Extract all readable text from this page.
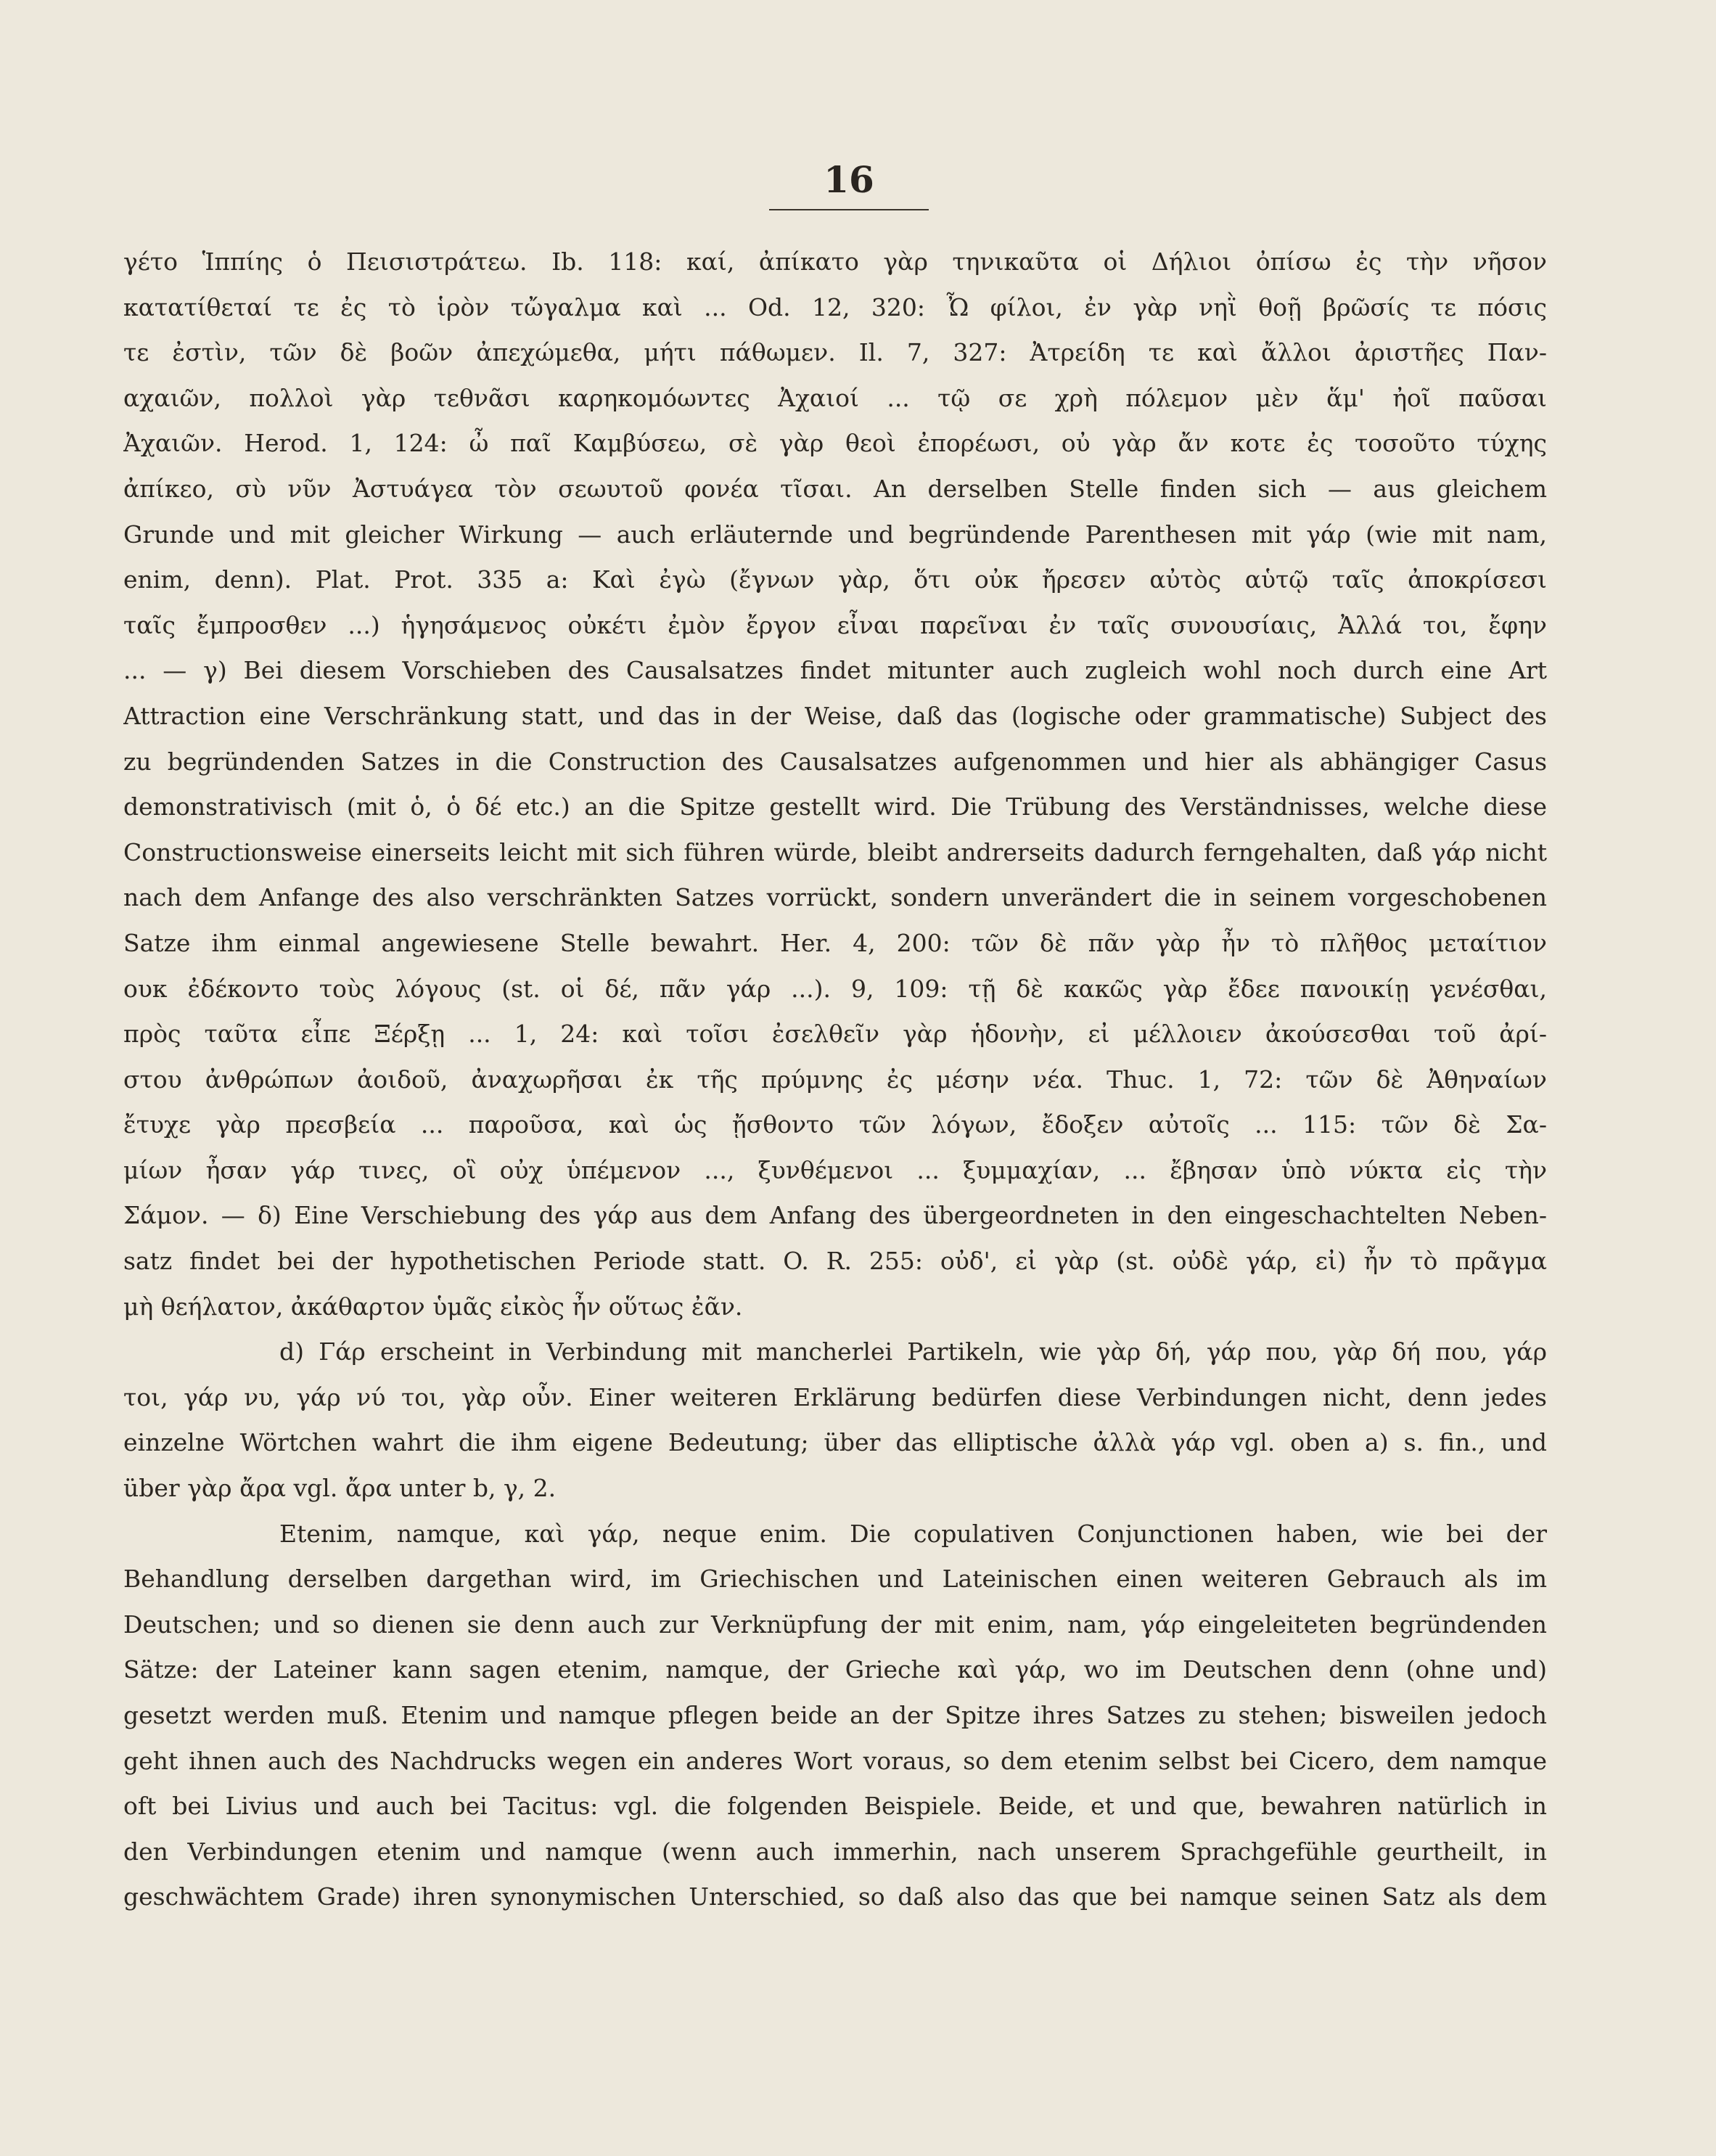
16
γέτο Ἱππίης ὁ Πεισιστράτεω. Ib. 118: καί, ἀπίκατο γὰρ τηνικαῦτα οἱ Δήλιοι ὀπίσω ἐς τὴν νῆσον
κατατίθεταί τε ἐς τὸ ἱρὸν τὤγαλμα καὶ ... Od. 12, 320: Ὦ φίλοι, ἐν γὰρ νηῒ θοῇ βρῶσίς τε πόσις
τε ἐστὶν, τῶν δὲ βοῶν ἀπεχώμεθα, μήτι πάθωμεν. Il. 7, 327: Ἀτρείδη τε καὶ ἄλλοι ἀριστῆες Παν-
αχαιῶν, πολλοὶ γὰρ τεθνᾶσι καρηκομόωντες Ἀχαιοί ... τῷ σε χρὴ πόλεμον μὲν ἅμ' ἠοῖ παῦσαι
Ἀχαιῶν. Herod. 1, 124: ὦ παῖ Καμβύσεω, σὲ γὰρ θεοὶ ἐπορέωσι, οὐ γὰρ ἄν κοτε ἐς τοσοῦτο τύχης
ἀπίκεο, σὺ νῦν Ἀστυάγεα τὸν σεωυτοῦ φονέα τῖσαι. An derselben Stelle finden sich — aus gleichem
Grunde und mit gleicher Wirkung — auch erläuternde und begründende Parenthesen mit γάρ (wie mit nam,
enim, denn). Plat. Prot. 335 a: Καὶ ἐγὼ (ἔγνων γὰρ, ὅτι οὐκ ἤρεσεν αὐτὸς αὑτῷ ταῖς ἀποκρίσεσι
ταῖς ἔμπροσθεν ...) ἡγησάμενος οὐκέτι ἐμὸν ἔργον εἶναι παρεῖναι ἐν ταῖς συνουσίαις, Ἀλλά τοι, ἔφην
... — γ) Bei diesem Vorschieben des Causalsatzes findet mitunter auch zugleich wohl noch durch eine Art
Attraction eine Verschränkung statt, und das in der Weise, daß das (logische oder grammatische) Subject des
zu begründenden Satzes in die Construction des Causalsatzes aufgenommen und hier als abhängiger Casus
demonstrativisch (mit ὁ, ὁ δέ etc.) an die Spitze gestellt wird. Die Trübung des Verständnisses, welche diese
Constructionsweise einerseits leicht mit sich führen würde, bleibt andrerseits dadurch ferngehalten, daß γάρ nicht
nach dem Anfange des also verschränkten Satzes vorrückt, sondern unverändert die in seinem vorgeschobenen
Satze ihm einmal angewiesene Stelle bewahrt. Her. 4, 200: τῶν δὲ πᾶν γὰρ ἦν τὸ πλῆθος μεταίτιον
ουκ ἐδέκοντο τοὺς λόγους (st. οἱ δέ, πᾶν γάρ ...). 9, 109: τῇ δὲ κακῶς γὰρ ἔδεε πανοικίῃ γενέσθαι,
πρὸς ταῦτα εἶπε Ξέρξῃ ... 1, 24: καὶ τοῖσι ἐσελθεῖν γὰρ ἡδονὴν, εἰ μέλλοιεν ἀκούσεσθαι τοῦ ἀρί-
στου ἀνθρώπων ἀοιδοῦ, ἀναχωρῆσαι ἐκ τῆς πρύμνης ἐς μέσην νέα. Thuc. 1, 72: τῶν δὲ Ἀθηναίων
ἔτυχε γὰρ πρεσβεία ... παροῦσα, καὶ ὡς ᾔσθοντο τῶν λόγων, ἔδοξεν αὐτοῖς ... 115: τῶν δὲ Σα-
μίων ἦσαν γάρ τινες, οἳ οὐχ ὑπέμενον ..., ξυνθέμενοι ... ξυμμαχίαν, ... ἔβησαν ὑπὸ νύκτα εἰς τὴν
Σάμον. — δ) Eine Verschiebung des γάρ aus dem Anfang des übergeordneten in den eingeschachtelten Neben-
satz findet bei der hypothetischen Periode statt. O. R. 255: οὐδ', εἰ γὰρ (st. οὐδὲ γάρ, εἰ) ἦν τὸ πρᾶγμα
μὴ θεήλατον, ἀκάθαρτον ὑμᾶς εἰκὸς ἦν οὕτως ἐᾶν.
d) Γάρ erscheint in Verbindung mit mancherlei Partikeln, wie γὰρ δή, γάρ που, γὰρ δή που, γάρ
τοι, γάρ νυ, γάρ νύ τοι, γὰρ οὖν. Einer weiteren Erklärung bedürfen diese Verbindungen nicht, denn jedes
einzelne Wörtchen wahrt die ihm eigene Bedeutung; über das elliptische ἀλλὰ γάρ vgl. oben a) s. fin., und
über γὰρ ἄρα vgl. ἄρα unter b, γ, 2.
Etenim, namque, καὶ γάρ, neque enim. Die copulativen Conjunctionen haben, wie bei der
Behandlung derselben dargethan wird, im Griechischen und Lateinischen einen weiteren Gebrauch als im
Deutschen; und so dienen sie denn auch zur Verknüpfung der mit enim, nam, γάρ eingeleiteten begründenden
Sätze: der Lateiner kann sagen etenim, namque, der Grieche καὶ γάρ, wo im Deutschen denn (ohne und)
gesetzt werden muß. Etenim und namque pflegen beide an der Spitze ihres Satzes zu stehen; bisweilen jedoch
geht ihnen auch des Nachdrucks wegen ein anderes Wort voraus, so dem etenim selbst bei Cicero, dem namque
oft bei Livius und auch bei Tacitus: vgl. die folgenden Beispiele. Beide, et und que, bewahren natürlich in
den Verbindungen etenim und namque (wenn auch immerhin, nach unserem Sprachgefühle geurtheilt, in
geschwächtem Grade) ihren synonymischen Unterschied, so daß also das que bei namque seinen Satz als dem
